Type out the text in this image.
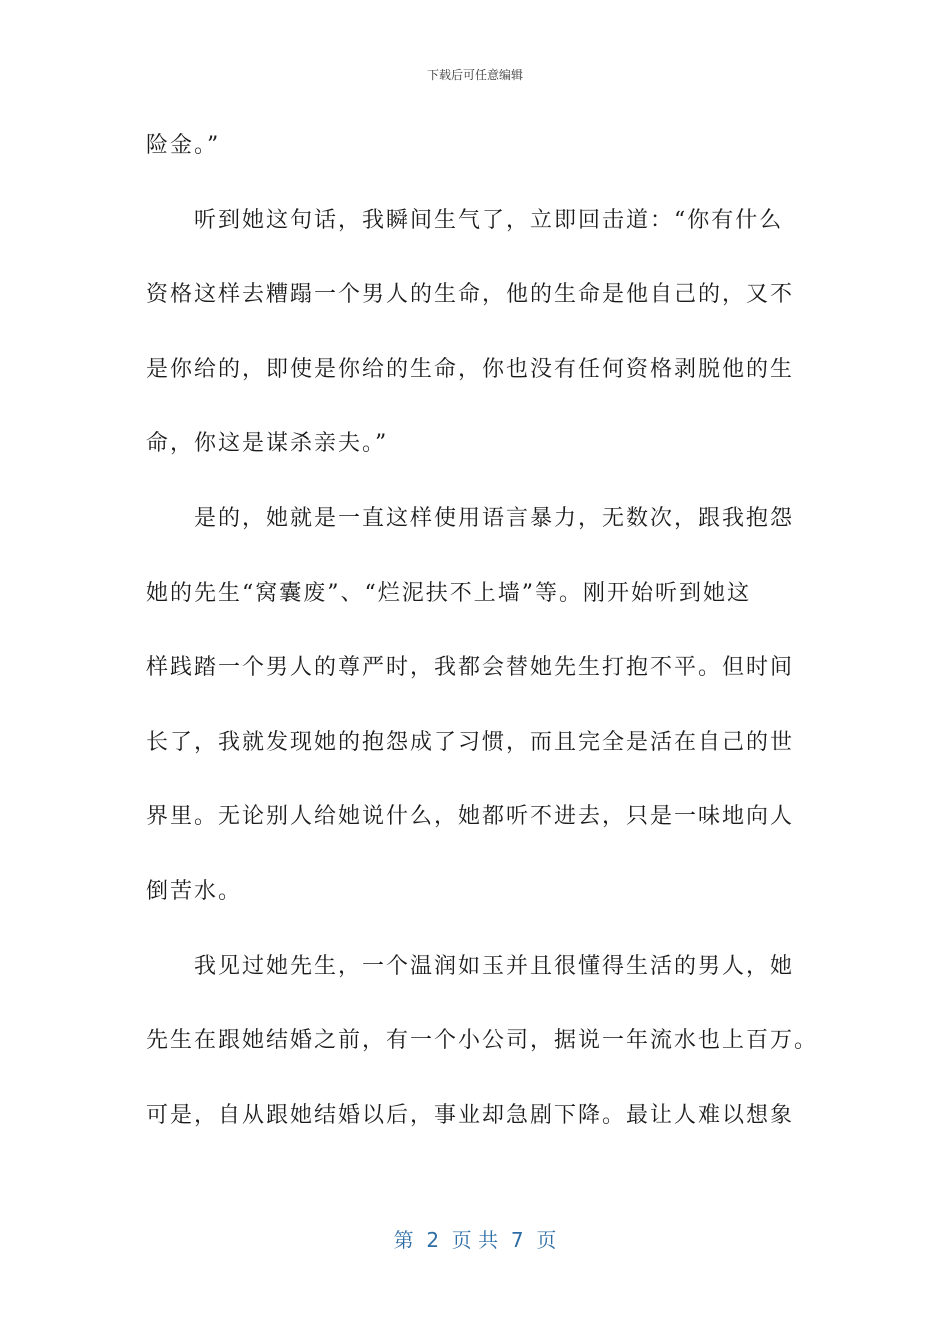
下载后可任意编辑
险金。”
听到她这句话，我瞬间生气了，立即回击道：“你有什么
资格这样去糟蹋一个男人的生命，他的生命是他自己的，又不
是你给的，即使是你给的生命，你也没有任何资格剥脱他的生
命，你这是谋杀亲夫。”
是的，她就是一直这样使用语言暴力，无数次，跟我抱怨
她的先生“窝囊废”、“烂泥扶不上墙”等。刚开始听到她这
样践踏一个男人的尊严时，我都会替她先生打抱不平。但时间
长了，我就发现她的抱怨成了习惯，而且完全是活在自己的世
界里。无论别人给她说什么，她都听不进去，只是一味地向人
倒苦水。
我见过她先生，一个温润如玉并且很懂得生活的男人，她
先生在跟她结婚之前，有一个小公司，据说一年流水也上百万。
可是，自从跟她结婚以后，事业却急剧下降。最让人难以想象
第  2  页 共  7  页
